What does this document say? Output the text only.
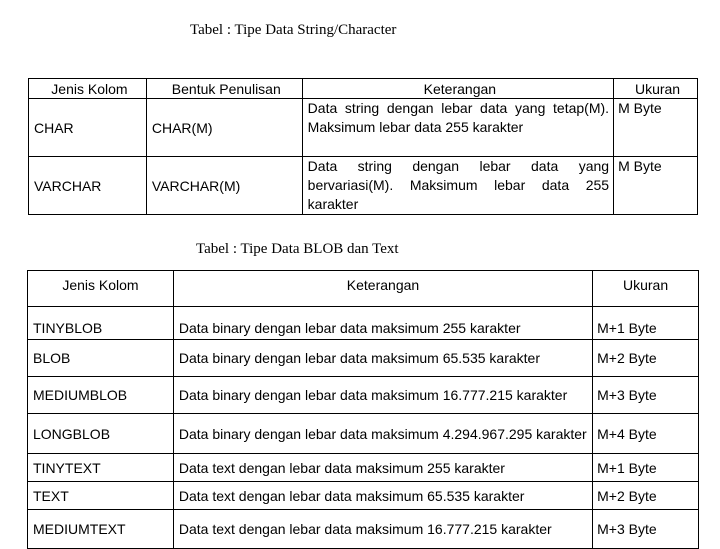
Tabel : Tipe Data String/Character
Jenis Kolom	Bentuk Penulisan	Keterangan	Ukuran
CHAR	CHAR(M)	Data string dengan lebar data yang tetap(M). Maksimum lebar data 255 karakter	M Byte
VARCHAR	VARCHAR(M)	Data string dengan lebar data yang bervariasi(M). Maksimum lebar data 255 karakter	M Byte
Tabel : Tipe Data BLOB dan Text
Jenis Kolom	Keterangan	Ukuran
TINYBLOB	Data binary dengan lebar data maksimum 255 karakter	M+1 Byte
BLOB	Data binary dengan lebar data maksimum 65.535 karakter	M+2 Byte
MEDIUMBLOB	Data binary dengan lebar data maksimum 16.777.215 karakter	M+3 Byte
LONGBLOB	Data binary dengan lebar data maksimum 4.294.967.295 karakter	M+4 Byte
TINYTEXT	Data text dengan lebar data maksimum 255 karakter	M+1 Byte
TEXT	Data text dengan lebar data maksimum 65.535 karakter	M+2 Byte
MEDIUMTEXT	Data text dengan lebar data maksimum 16.777.215 karakter	M+3 Byte
